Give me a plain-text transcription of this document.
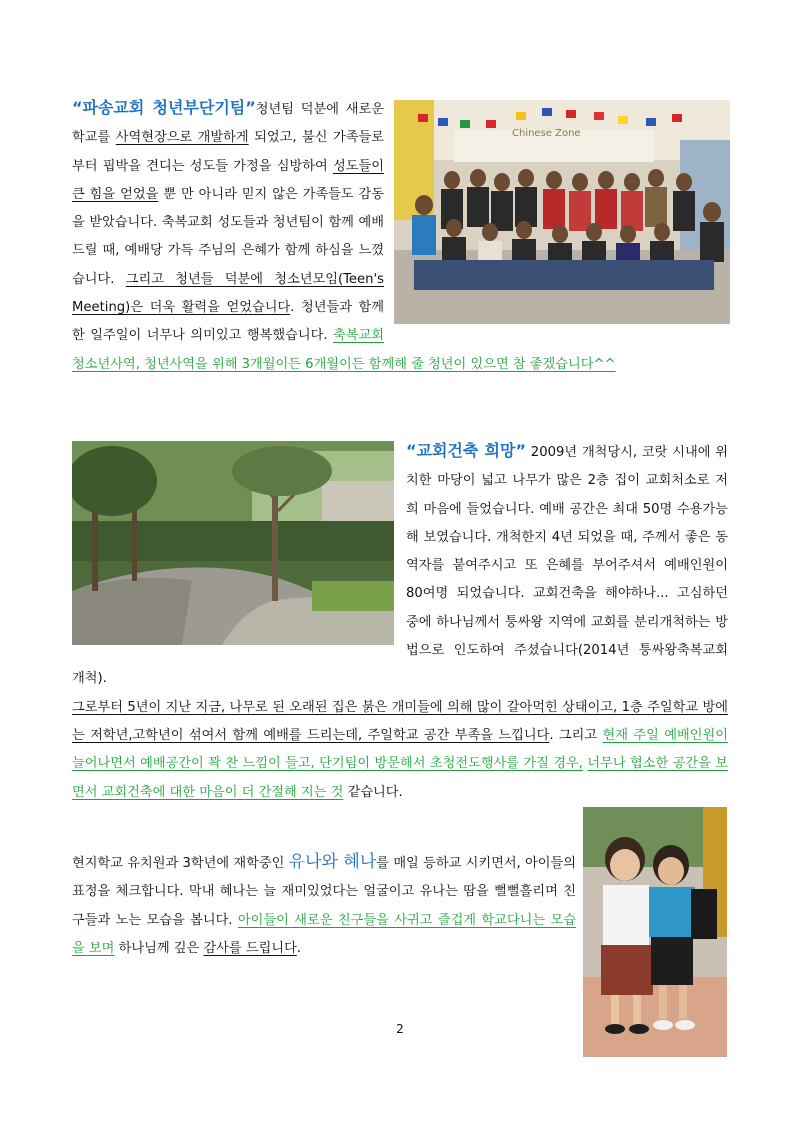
Chinese Zone
“파송교회 청년부단기팀”청년팀 덕분에 새로운 학교를 사역현장으로 개발하게 되었고, 불신 가족들로부터 핍박을 견디는 성도들 가정을 심방하여 성도들이 큰 힘을 얻었을 뿐 만 아니라 믿지 않은 가족들도 감동을 받았습니다. 축복교회 성도들과 청년팀이 함께 예배드릴 때, 예배당 가득 주님의 은혜가 함께 하심을 느꼈습니다. 그리고 청년들 덕분에 청소년모임(Teen's Meeting)은 더욱 활력을 얻었습니다. 청년들과 함께 한 일주일이 너무나 의미있고 행복했습니다. 축복교회 청소년사역, 청년사역을 위해 3개월이든 6개월이든 함께해 줄 청년이 있으면 참 좋겠습니다^^
“교회건축 희망” 2009년 개척당시, 코랏 시내에 위치한 마당이 넓고 나무가 많은 2층 집이 교회처소로 저희 마음에 들었습니다. 예배 공간은 최대 50명 수용가능해 보였습니다. 개척한지 4년 되었을 때, 주께서 좋은 동역자를 붙여주시고 또 은혜를 부어주셔서 예배인원이 80여명 되었습니다. 교회건축을 해야하나... 고심하던 중에 하나님께서 퉁싸왕 지역에 교회를 분리개척하는 방법으로 인도하여 주셨습니다(2014년 퉁싸왕축복교회 개척).
그로부터 5년이 지난 지금, 나무로 된 오래된 집은 붉은 개미들에 의해 많이 갈아먹힌 상태이고, 1층 주일학교 방에는 저학년,고학년이 섞여서 함께 예배를 드리는데, 주일학교 공간 부족을 느낍니다. 그리고 현재 주일 예배인원이 늘어나면서 예배공간이 꽉 찬 느낌이 들고, 단기팀이 방문해서 초청전도행사를 가질 경우, 너무나 협소한 공간을 보면서 교회건축에 대한 마음이 더 간절해 지는 것 같습니다.
현지학교 유치원과 3학년에 재학중인 유나와 혜나를 매일 등하교 시키면서, 아이들의 표정을 체크합니다. 막내 혜나는 늘 재미있었다는 얼굴이고 유나는 땀을 뻘뻘흘리며 친구들과 노는 모습을 봅니다. 아이들이 새로운 친구들을 사귀고 즐겁게 학교다니는 모습을 보며 하나님께 깊은 감사를 드립니다.
2
